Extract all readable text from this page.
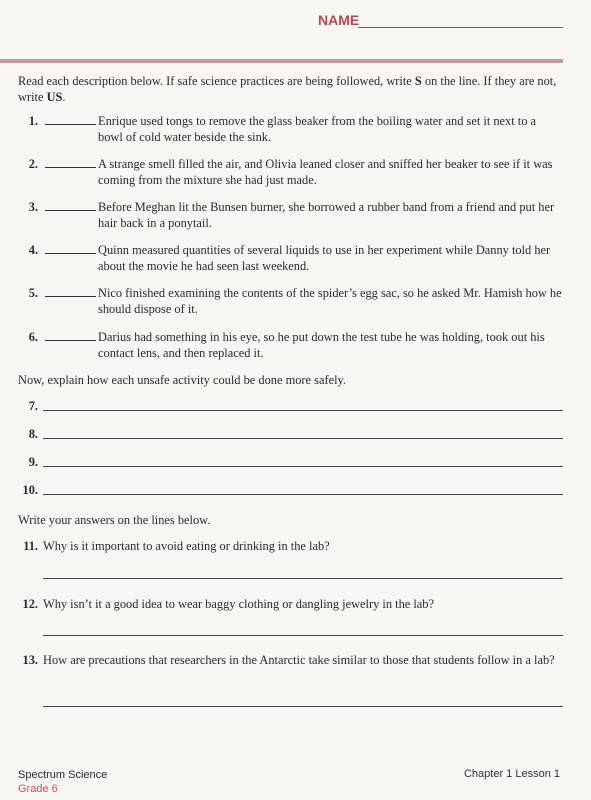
NAME
Read each description below. If safe science practices are being followed, write S on the line. If they are not, write US.
1.	Enrique used tongs to remove the glass beaker from the boiling water and set it next to a bowl of cold water beside the sink.
2.	A strange smell filled the air, and Olivia leaned closer and sniffed her beaker to see if it was coming from the mixture she had just made.
3.	Before Meghan lit the Bunsen burner, she borrowed a rubber band from a friend and put her hair back in a ponytail.
4.	Quinn measured quantities of several liquids to use in her experiment while Danny told her about the movie he had seen last weekend.
5.	Nico finished examining the contents of the spider’s egg sac, so he asked Mr. Hamish how he should dispose of it.
6.	Darius had something in his eye, so he put down the test tube he was holding, took out his contact lens, and then replaced it.
Now, explain how each unsafe activity could be done more safely.
7.
8.
9.
10.
Write your answers on the lines below.
11. Why is it important to avoid eating or drinking in the lab?
12. Why isn’t it a good idea to wear baggy clothing or dangling jewelry in the lab?
13. How are precautions that researchers in the Antarctic take similar to those that students follow in a lab?
Spectrum Science
Grade 6
Chapter 1 Lesson 1
